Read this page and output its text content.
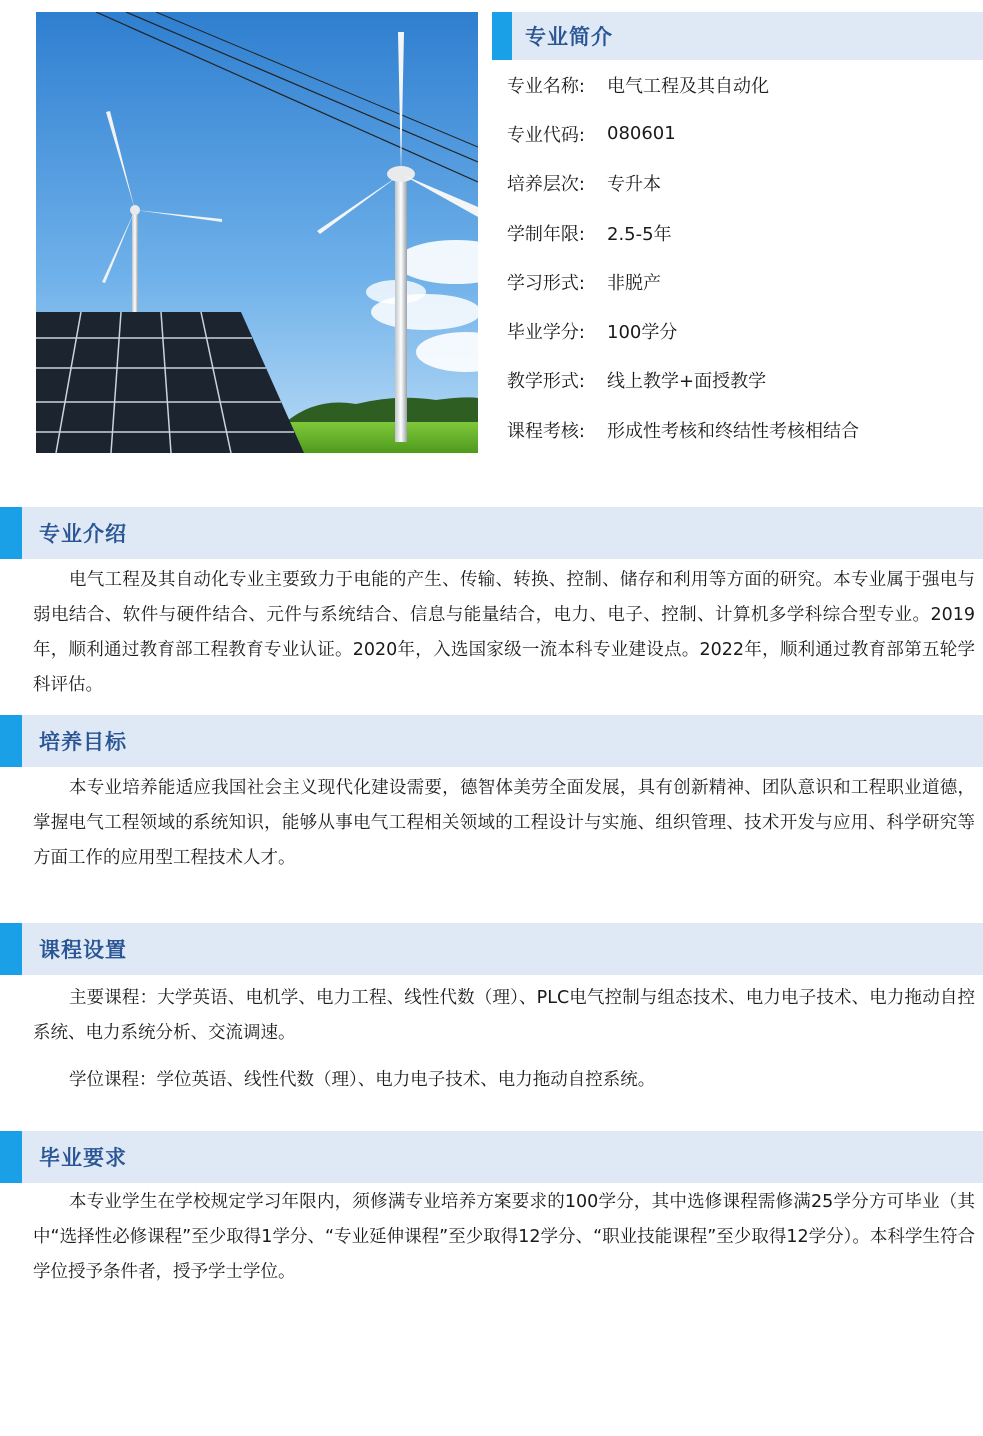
专业简介
专业名称:	电气工程及其自动化
专业代码:	080601
培养层次:	专升本
学制年限:	2.5-5年
学习形式:	非脱产
毕业学分:	100学分
教学形式:	线上教学+面授教学
课程考核:	形成性考核和终结性考核相结合
专业介绍

电气工程及其自动化专业主要致力于电能的产生、传输、转换、控制、储存和利用等方面的研究。本专业属于强电与弱电结合、软件与硬件结合、元件与系统结合、信息与能量结合，电力、电子、控制、计算机多学科综合型专业。2019年，顺利通过教育部工程教育专业认证。2020年，入选国家级一流本科专业建设点。2022年，顺利通过教育部第五轮学科评估。

培养目标

本专业培养能适应我国社会主义现代化建设需要，德智体美劳全面发展，具有创新精神、团队意识和工程职业道德，掌握电气工程领域的系统知识，能够从事电气工程相关领域的工程设计与实施、组织管理、技术开发与应用、科学研究等方面工作的应用型工程技术人才。

课程设置

主要课程：大学英语、电机学、电力工程、线性代数（理）、PLC电气控制与组态技术、电力电子技术、电力拖动自控系统、电力系统分析、交流调速。

学位课程：学位英语、线性代数（理）、电力电子技术、电力拖动自控系统。

毕业要求

本专业学生在学校规定学习年限内，须修满专业培养方案要求的100学分，其中选修课程需修满25学分方可毕业（其中“选择性必修课程”至少取得1学分、“专业延伸课程”至少取得12学分、“职业技能课程”至少取得12学分）。本科学生符合学位授予条件者，授予学士学位。
